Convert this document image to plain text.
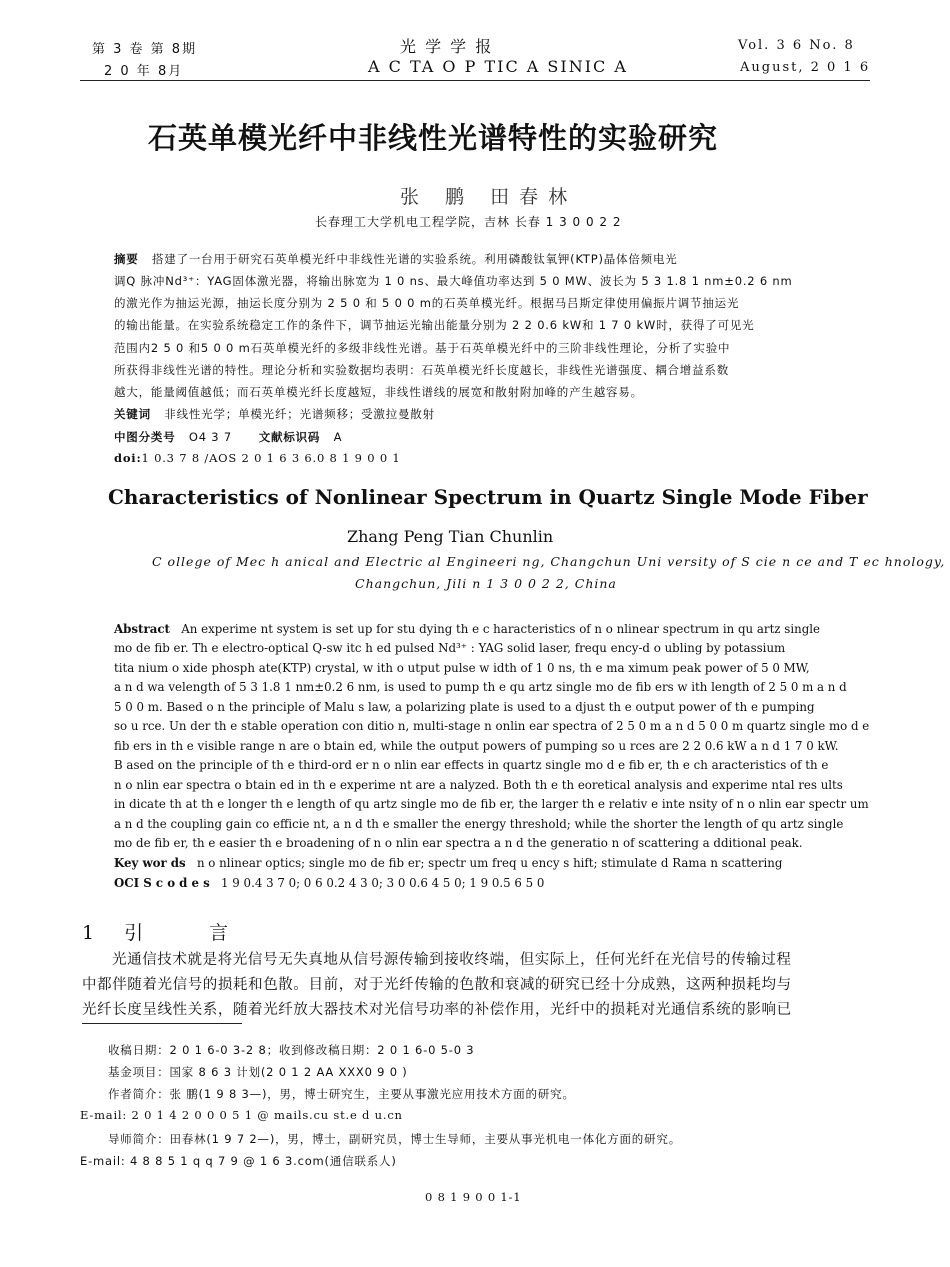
第 3 卷 第 8期
2 0 年 8月
光 学 学 报
A C TA O P TIC A SINIC A
Vol. 3 6 No. 8
August, 2 0 1 6
石英单模光纤中非线性光谱特性的实验研究
张 鹏 田春林
长春理工大学机电工程学院，吉林 长春 1 3 0 0 2 2
摘要 搭建了一台用于研究石英单模光纤中非线性光谱的实验系统。利用磷酸钛氧钾(KTP)晶体倍频电光
调Q 脉冲Nd³⁺：YAG固体激光器，将输出脉宽为 1 0 ns、最大峰值功率达到 5 0 MW、波长为 5 3 1.8 1 nm±0.2 6 nm
的激光作为抽运光源，抽运长度分别为 2 5 0 和 5 0 0 m的石英单模光纤。根据马吕斯定律使用偏振片调节抽运光
的输出能量。在实验系统稳定工作的条件下，调节抽运光输出能量分别为 2 2 0.6 kW和 1 7 0 kW时，获得了可见光
范围内2 5 0 和5 0 0 m石英单模光纤的多级非线性光谱。基于石英单模光纤中的三阶非线性理论，分析了实验中
所获得非线性光谱的特性。理论分析和实验数据均表明：石英单模光纤长度越长，非线性光谱强度、耦合增益系数
越大，能量阈值越低；而石英单模光纤长度越短，非线性谱线的展宽和散射附加峰的产生越容易。
关键词 非线性光学；单模光纤；光谱频移；受激拉曼散射
中图分类号 O4 3 7 文献标识码 A
doi:1 0.3 7 8 /AOS 2 0 1 6 3 6.0 8 1 9 0 0 1
Characteristics of Nonlinear Spectrum in Quartz Single Mode Fiber
Zhang Peng Tian Chunlin
C ollege of Mec h anical and Electric al Engineeri ng, Changchun Uni versity of S cie n ce and T ec hnology,
Changchun, Jili n 1 3 0 0 2 2, China
Abstract An experime nt system is set up for stu dying th e c haracteristics of n o nlinear spectrum in qu artz single
mo de fib er. Th e electro-optical Q-sw itc h ed pulsed Nd³⁺ : YAG solid laser, frequ ency-d o ubling by potassium
tita nium o xide phosph ate(KTP) crystal, w ith o utput pulse w idth of 1 0 ns, th e ma ximum peak power of 5 0 MW,
a n d wa velength of 5 3 1.8 1 nm±0.2 6 nm, is used to pump th e qu artz single mo de fib ers w ith length of 2 5 0 m a n d
5 0 0 m. Based o n the principle of Malu s law, a polarizing plate is used to a djust th e output power of th e pumping
so u rce. Un der th e stable operation con ditio n, multi-stage n onlin ear spectra of 2 5 0 m a n d 5 0 0 m quartz single mo d e
fib ers in th e visible range n are o btain ed, while the output powers of pumping so u rces are 2 2 0.6 kW a n d 1 7 0 kW.
B ased on the principle of th e third-ord er n o nlin ear effects in quartz single mo d e fib er, th e ch aracteristics of th e
n o nlin ear spectra o btain ed in th e experime nt are a nalyzed. Both th e th eoretical analysis and experime ntal res ults
in dicate th at th e longer th e length of qu artz single mo de fib er, the larger th e relativ e inte nsity of n o nlin ear spectr um
a n d the coupling gain co efficie nt, a n d th e smaller the energy threshold; while the shorter the length of qu artz single
mo de fib er, th e easier th e broadening of n o nlin ear spectra a n d the generatio n of scattering a dditional peak.
Key wor ds n o nlinear optics; single mo de fib er; spectr um freq u ency s hift; stimulate d Rama n scattering
OCI S c o d e s 1 9 0.4 3 7 0; 0 6 0.2 4 3 0; 3 0 0.6 4 5 0; 1 9 0.5 6 5 0
1引 言
光通信技术就是将光信号无失真地从信号源传输到接收终端，但实际上，任何光纤在光信号的传输过程
中都伴随着光信号的损耗和色散。目前，对于光纤传输的色散和衰减的研究已经十分成熟，这两种损耗均与
光纤长度呈线性关系，随着光纤放大器技术对光信号功率的补偿作用，光纤中的损耗对光通信系统的影响已
收稿日期：2 0 1 6-0 3-2 8；收到修改稿日期：2 0 1 6-0 5-0 3
基金项目：国家 8 6 3 计划(2 0 1 2 AA XXX0 9 0 )
作者简介：张 鹏(1 9 8 3—)，男，博士研究生，主要从事激光应用技术方面的研究。
E-mail: 2 0 1 4 2 0 0 0 5 1 @ mails.cu st.e d u.cn
导师简介：田春林(1 9 7 2—)，男，博士，副研究员，博士生导师，主要从事光机电一体化方面的研究。
E-mail: 4 8 8 5 1 q q 7 9 @ 1 6 3.com(通信联系人)
0 8 1 9 0 0 1-1
